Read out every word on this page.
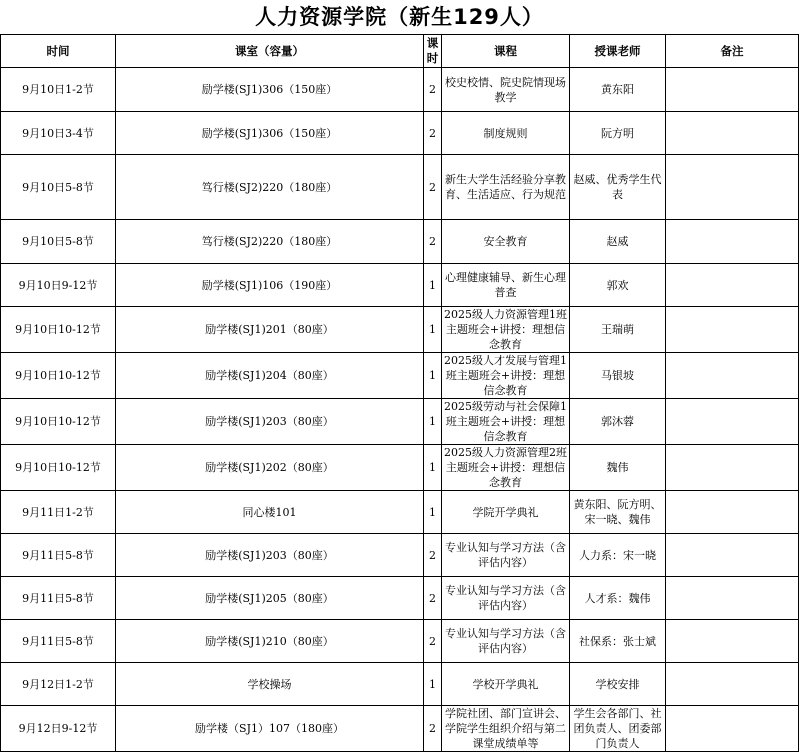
人力资源学院（新生129人）
时间	课室（容量）	课时	课程	授课老师	备注
9月10日1-2节	励学楼(SJ1)306（150座）	2	校史校情、院史院情现场教学	黄东阳	
9月10日3-4节	励学楼(SJ1)306（150座）	2	制度规则	阮方明	
9月10日5-8节	笃行楼(SJ2)220（180座）	2	新生大学生活经验分享教育、生活适应、行为规范	赵威、优秀学生代表	
9月10日5-8节	笃行楼(SJ2)220（180座）	2	安全教育	赵威	
9月10日9-12节	励学楼(SJ1)106（190座）	1	心理健康辅导、新生心理普查	郭欢	
9月10日10-12节	励学楼(SJ1)201（80座）	1	2025级人力资源管理1班主题班会+讲授：理想信念教育	王瑞萌	
9月10日10-12节	励学楼(SJ1)204（80座）	1	2025级人才发展与管理1班主题班会+讲授：理想信念教育	马银坡	
9月10日10-12节	励学楼(SJ1)203（80座）	1	2025级劳动与社会保障1班主题班会+讲授：理想信念教育	郭沐蓉	
9月10日10-12节	励学楼(SJ1)202（80座）	1	2025级人力资源管理2班主题班会+讲授：理想信念教育	魏伟	
9月11日1-2节	同心楼101	1	学院开学典礼	黄东阳、阮方明、宋一晓、魏伟	
9月11日5-8节	励学楼(SJ1)203（80座）	2	专业认知与学习方法（含评估内容）	人力系：宋一晓	
9月11日5-8节	励学楼(SJ1)205（80座）	2	专业认知与学习方法（含评估内容）	人才系：魏伟	
9月11日5-8节	励学楼(SJ1)210（80座）	2	专业认知与学习方法（含评估内容）	社保系：张士斌	
9月12日1-2节	学校操场	1	学校开学典礼	学校安排	
9月12日9-12节	励学楼（SJ1）107（180座）	2	学院社团、部门宣讲会、学院学生组织介绍与第二课堂成绩单等	学生会各部门、社团负责人、团委部门负责人	
